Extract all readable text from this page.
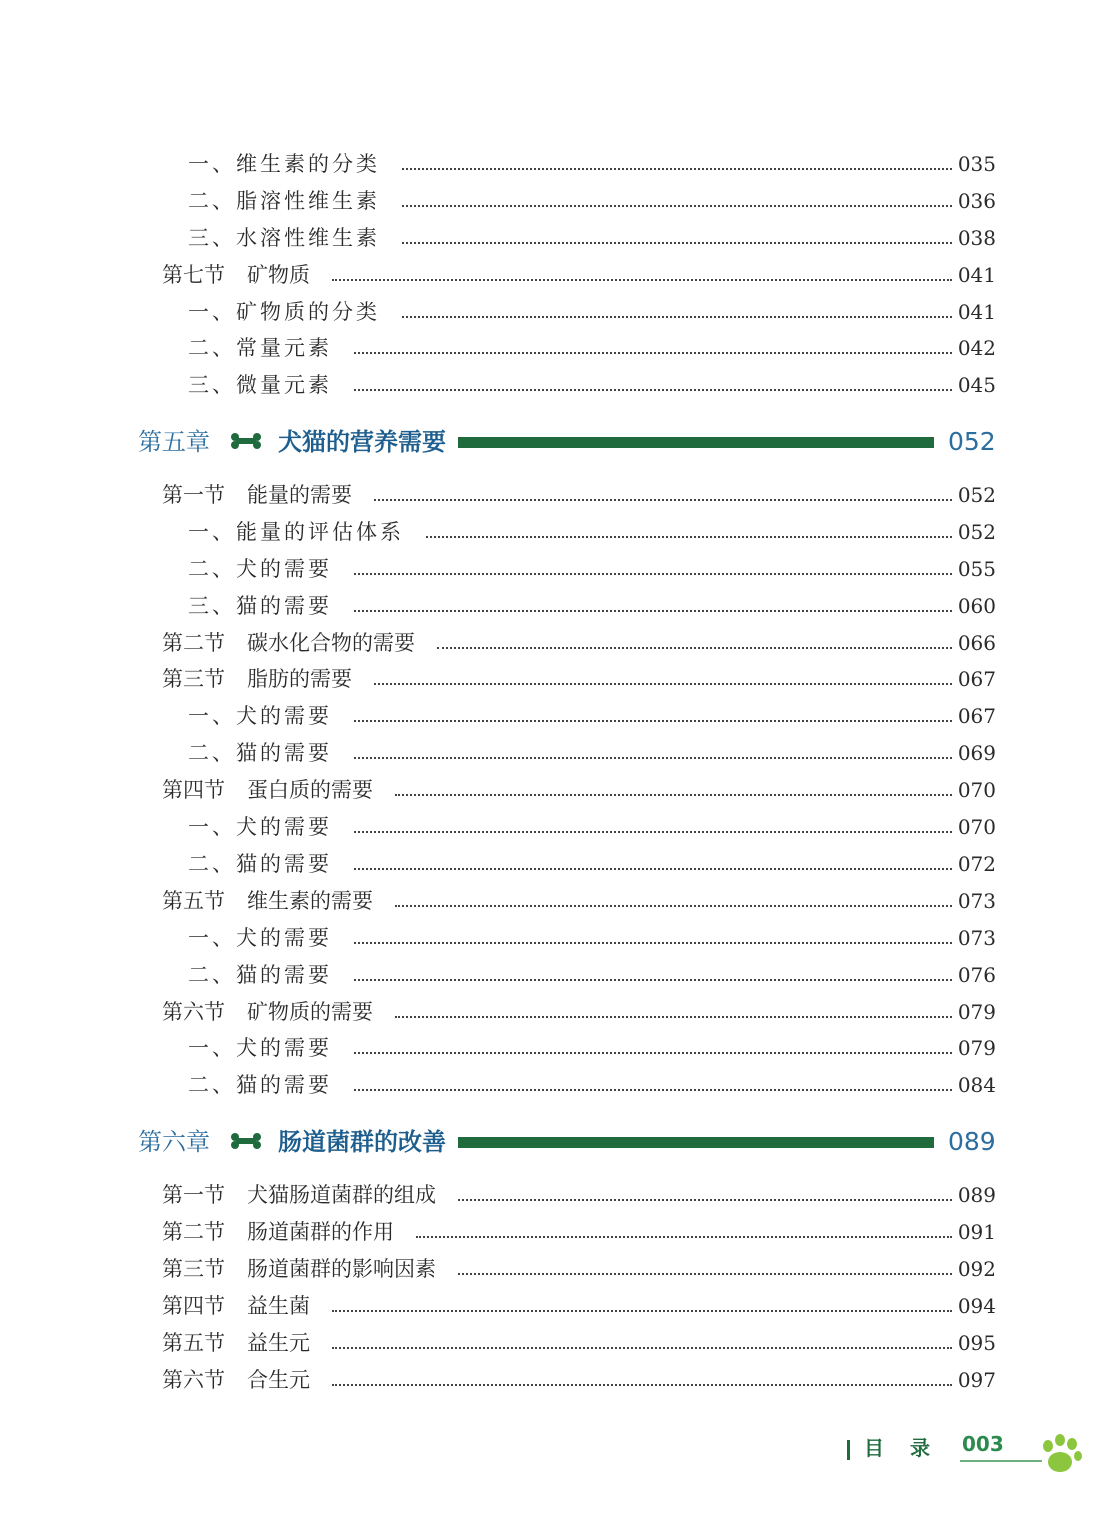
目录 003
一、维生素的分类	035
二、脂溶性维生素	036
三、水溶性维生素	038
第七节 矿物质	041
一、矿物质的分类	041
二、常量元素	042
三、微量元素	045
第五章	犬猫的营养需要	052
第一节 能量的需要	052
一、能量的评估体系	052
二、犬的需要	055
三、猫的需要	060
第二节 碳水化合物的需要	066
第三节 脂肪的需要	067
一、犬的需要	067
二、猫的需要	069
第四节 蛋白质的需要	070
一、犬的需要	070
二、猫的需要	072
第五节 维生素的需要	073
一、犬的需要	073
二、猫的需要	076
第六节 矿物质的需要	079
一、犬的需要	079
二、猫的需要	084
第六章	肠道菌群的改善	089
第一节 犬猫肠道菌群的组成	089
第二节 肠道菌群的作用	091
第三节 肠道菌群的影响因素	092
第四节 益生菌	094
第五节 益生元	095
第六节 合生元	097
